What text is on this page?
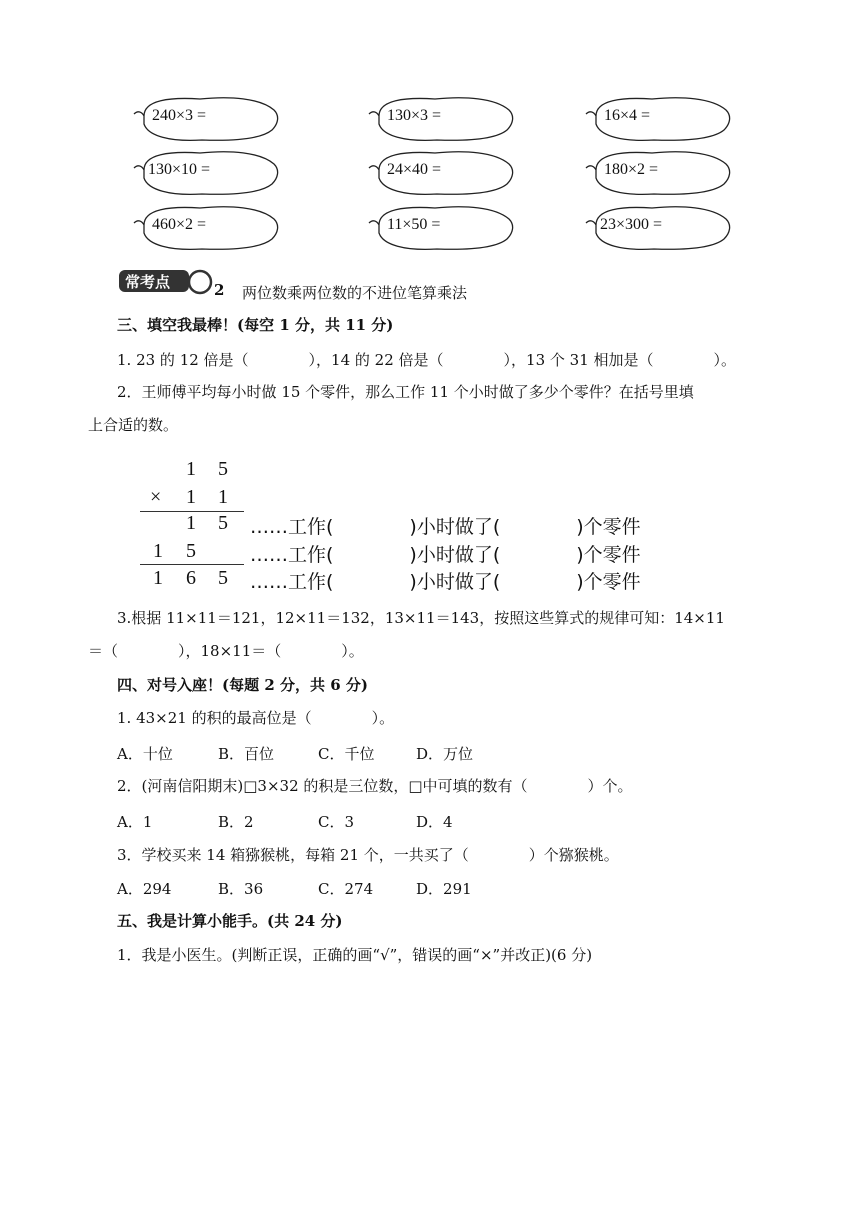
240×3 =	130×3 =	16×4 =
130×10 =	24×40 =	180×2 =
460×2 =	11×50 =	23×300 =
常考点	2 两位数乘两位数的不进位笔算乘法
三、填空我最棒！(每空 1 分，共 11 分)
1. 23 的 12 倍是（　　　　），14 的 22 倍是（　　　　），13 个 31 相加是（　　　　）。
2．王师傅平均每小时做 15 个零件，那么工作 11 个小时做了多少个零件？在括号里填
上合适的数。
1 5
× 1 1
1 5
1 5
1 6 5
……工作(　　　　)小时做了(　　　　)个零件
……工作(　　　　)小时做了(　　　　)个零件
……工作(　　　　)小时做了(　　　　)个零件
3.根据 11×11＝121，12×11＝132，13×11＝143，按照这些算式的规律可知：14×11
＝（　　　　），18×11＝（　　　　）。
四、对号入座！(每题 2 分，共 6 分)
1. 43×21 的积的最高位是（　　　　）。
A．十位	B．百位	C．千位	D．万位
2．(河南信阳期末)□3×32 的积是三位数，□中可填的数有（　　　　）个。
A．1	B．2	C．3	D．4
3．学校买来 14 箱猕猴桃，每箱 21 个，一共买了（　　　　）个猕猴桃。
A．294	B．36	C．274	D．291
五、我是计算小能手。(共 24 分)
1．我是小医生。(判断正误，正确的画“√”，错误的画“×”并改正)(6 分)
